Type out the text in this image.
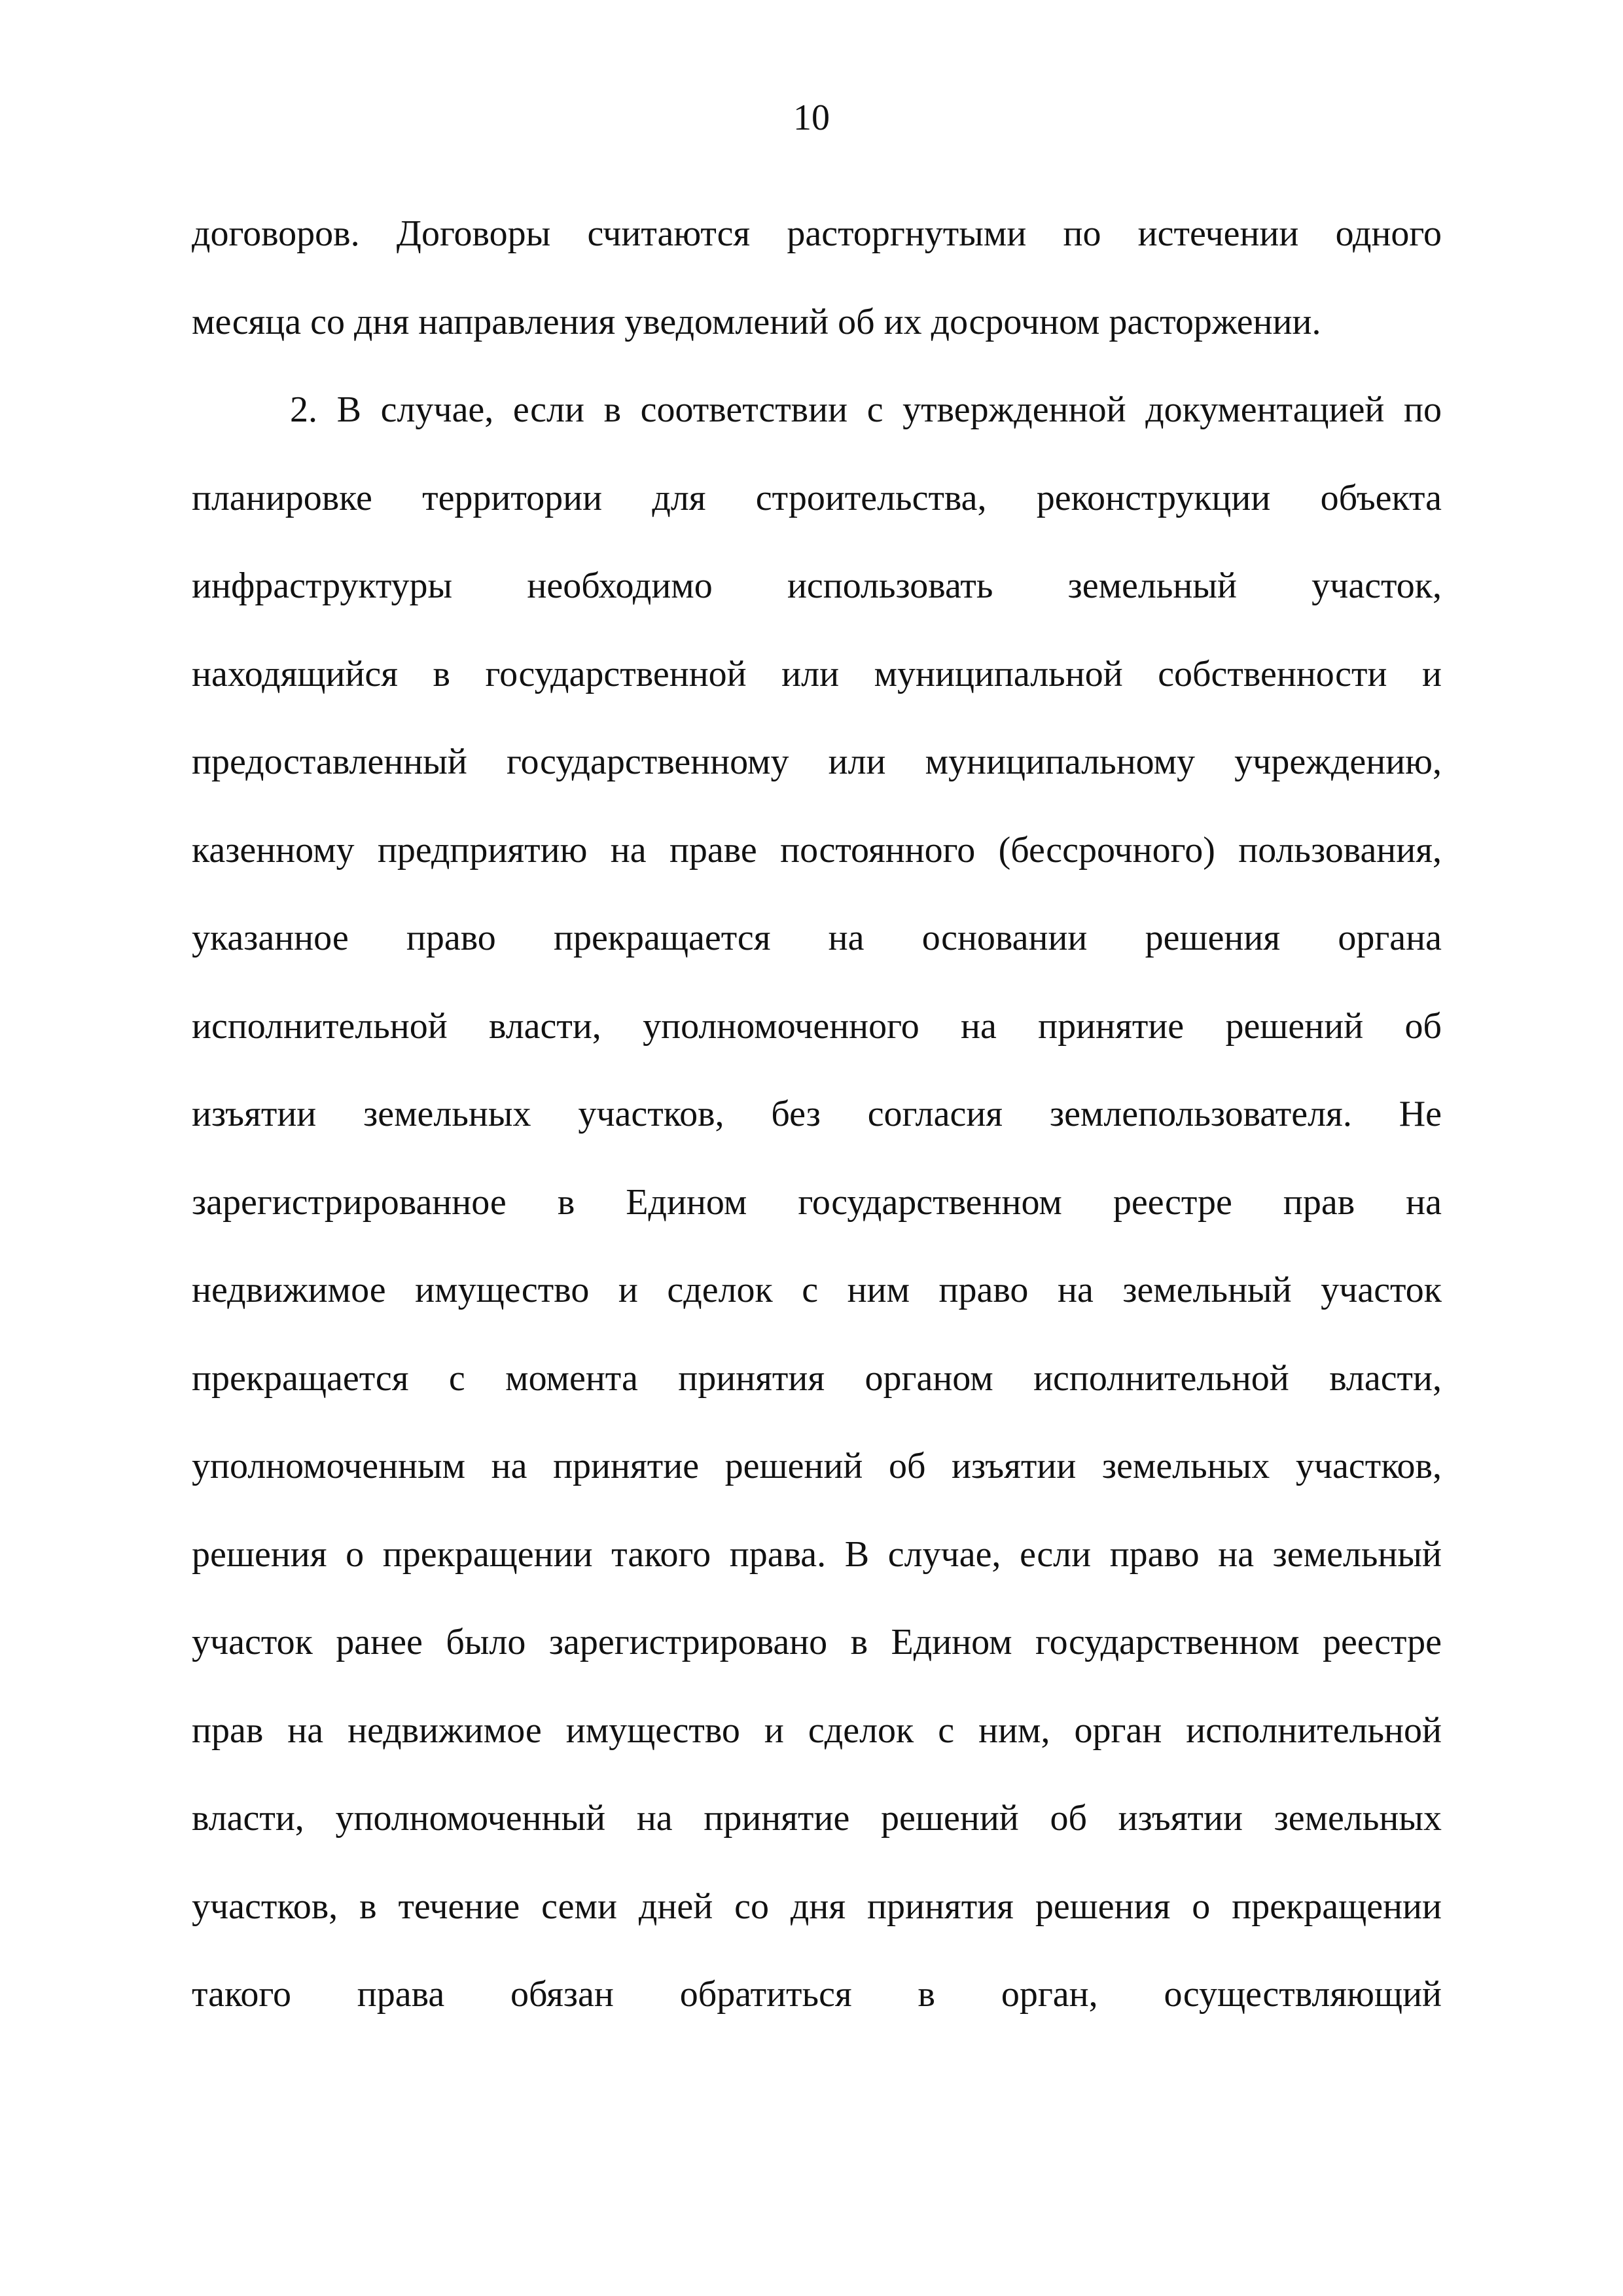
10
договоров. Договоры считаются расторгнутыми по истечении одного
месяца со дня направления уведомлений об их досрочном расторжении.
2. В случае, если в соответствии с утвержденной документацией по
планировке территории для строительства, реконструкции объекта
инфраструктуры необходимо использовать земельный участок,
находящийся в государственной или муниципальной собственности и
предоставленный государственному или муниципальному учреждению,
казенному предприятию на праве постоянного (бессрочного) пользования,
указанное право прекращается на основании решения органа
исполнительной власти, уполномоченного на принятие решений об
изъятии земельных участков, без согласия землепользователя. Не
зарегистрированное в Едином государственном реестре прав на
недвижимое имущество и сделок с ним право на земельный участок
прекращается с момента принятия органом исполнительной власти,
уполномоченным на принятие решений об изъятии земельных участков,
решения о прекращении такого права. В случае, если право на земельный
участок ранее было зарегистрировано в Едином государственном реестре
прав на недвижимое имущество и сделок с ним, орган исполнительной
власти, уполномоченный на принятие решений об изъятии земельных
участков, в течение семи дней со дня принятия решения о прекращении
такого права обязан обратиться в орган, осуществляющий
